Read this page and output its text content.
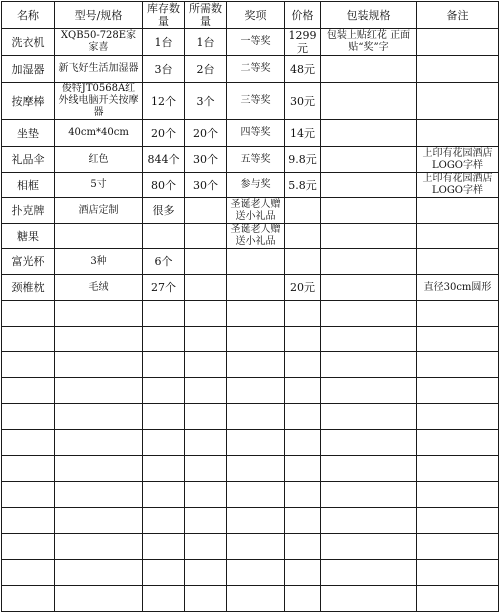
名称	型号/规格	库存数量	所需数量	奖项	价格	包装规格	备注
洗衣机	XQB50-728E家家喜	1台	1台	一等奖	1299元	包装上贴红花 正面贴“奖”字	
加湿器	新飞好生活加湿器	3台	2台	二等奖	48元		
按摩棒	俊特JT0568A红外线电脑开关按摩器	12个	3个	三等奖	30元		
坐垫	40cm*40cm	20个	20个	四等奖	14元		
礼品伞	红色	844个	30个	五等奖	9.8元		上印有花园酒店LOGO字样
相框	5寸	80个	30个	参与奖	5.8元		上印有花园酒店LOGO字样
扑克牌	酒店定制	很多		圣诞老人赠送小礼品			
糖果				圣诞老人赠送小礼品			
富光杯	3种	6个					
颈椎枕	毛绒	27个			20元		直径30cm圆形
